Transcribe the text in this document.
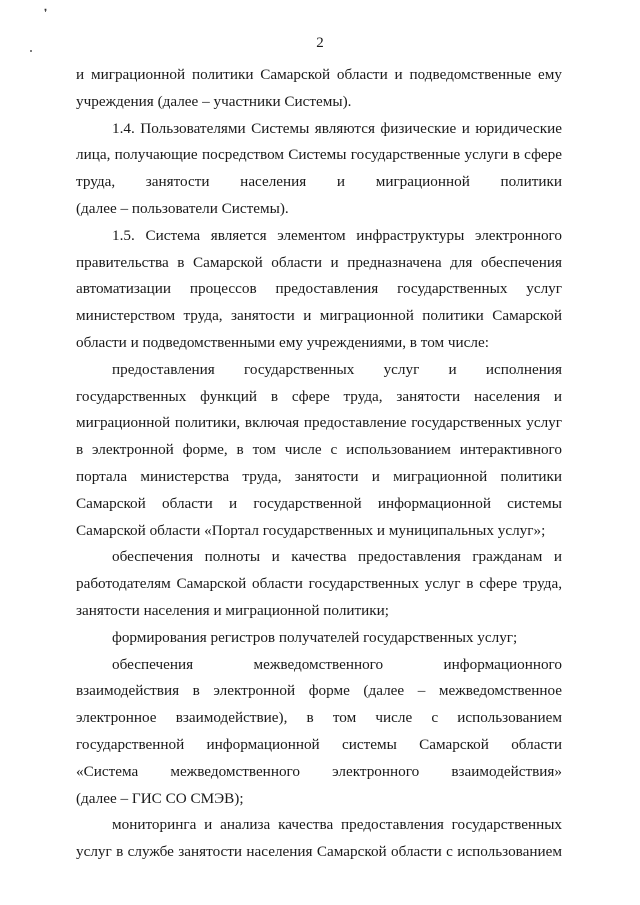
❜
2

и миграционной политики Самарской области и подведомственные ему
учреждения (далее – участники Системы).

1.4. Пользователями Системы являются физические и юридические
лица, получающие посредством Системы государственные услуги в сфере
труда, занятости населения и миграционной политики
(далее – пользователи Системы).

1.5. Система является элементом инфраструктуры электронного
правительства в Самарской области и предназначена для обеспечения
автоматизации процессов предоставления государственных услуг
министерством труда, занятости и миграционной политики Самарской
области и подведомственными ему учреждениями, в том числе:

предоставления государственных услуг и исполнения
государственных функций в сфере труда, занятости населения и
миграционной политики, включая предоставление государственных услуг
в электронной форме, в том числе с использованием интерактивного
портала министерства труда, занятости и миграционной политики
Самарской области и государственной информационной системы
Самарской области «Портал государственных и муниципальных услуг»;

обеспечения полноты и качества предоставления гражданам и
работодателям Самарской области государственных услуг в сфере труда,
занятости населения и миграционной политики;

формирования регистров получателей государственных услуг;

обеспечения межведомственного информационного
взаимодействия в электронной форме (далее – межведомственное
электронное взаимодействие), в том числе с использованием
государственной информационной системы Самарской области
«Система межведомственного электронного взаимодействия»
(далее – ГИС СО СМЭВ);

мониторинга и анализа качества предоставления государственных
услуг в службе занятости населения Самарской области с использованием
